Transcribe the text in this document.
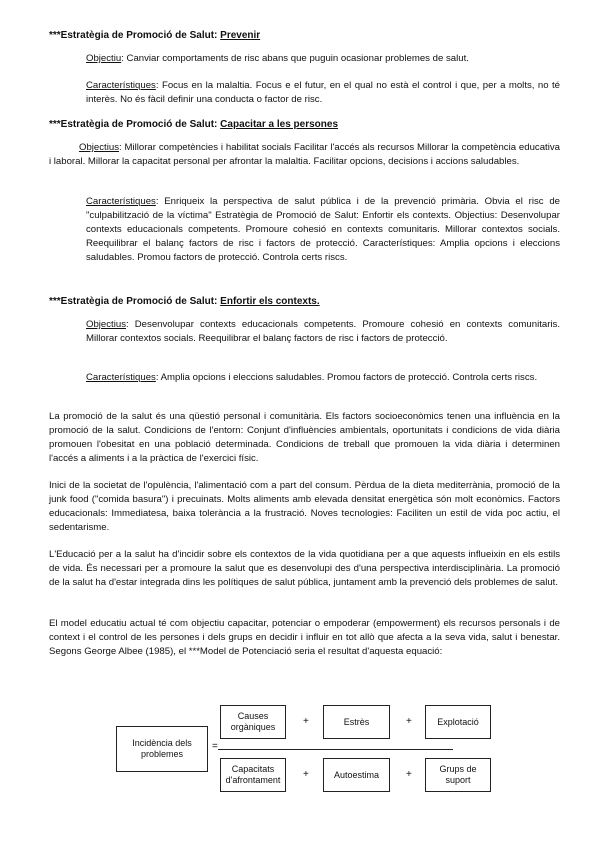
***Estratègia de Promoció de Salut: Prevenir
Objectiu: Canviar comportaments de risc abans que puguin ocasionar problemes de salut.
Característiques: Focus en la malaltia. Focus e el futur, en el qual no està el control i que, per a molts, no té interès. No és fàcil definir una conducta o factor de risc.
***Estratègia de Promoció de Salut: Capacitar a les persones
Objectius: Millorar competències i habilitat socials Facilitar l'accés als recursos Millorar la competència educativa i laboral. Millorar la capacitat personal per afrontar la malaltia. Facilitar opcions, decisions i accions saludables.
Característiques: Enriqueix la perspectiva de salut pública i de la prevenció primària. Obvia el risc de "culpabilització de la víctima" Estratègia de Promoció de Salut: Enfortir els contexts. Objectius: Desenvolupar contexts educacionals competents. Promoure cohesió en contexts comunitaris. Millorar contextos socials. Reequilibrar el balanç factors de risc i factors de protecció. Característiques: Amplia opcions i eleccions saludables. Promou factors de protecció. Controla certs riscs.
***Estratègia de Promoció de Salut: Enfortir els contexts.
Objectius: Desenvolupar contexts educacionals competents. Promoure cohesió en contexts comunitaris. Millorar contextos socials. Reequilibrar el balanç factors de risc i factors de protecció.
Característiques: Amplia opcions i eleccions saludables. Promou factors de protecció. Controla certs riscs.
La promoció de la salut és una qüestió personal i comunitària. Els factors socioeconòmics tenen una influència en la promoció de la salut. Condicions de l'entorn: Conjunt d'influències ambientals, oportunitats i condicions de vida diària promouen l'obesitat en una població determinada. Condicions de treball que promouen la vida diària i determinen l'accés a aliments i a la pràctica de l'exercici físic.
Inici de la societat de l'opulència, l'alimentació com a part del consum. Pèrdua de la dieta mediterrània, promoció de la junk food ("comida basura") i precuinats. Molts aliments amb elevada densitat energètica són molt econòmics. Factors educacionals: Immediatesa, baixa tolerància a la frustració. Noves tecnologies: Faciliten un estil de vida poc actiu, el sedentarisme.
L'Educació per a la salut ha d'incidir sobre els contextos de la vida quotidiana per a que aquests influeixin en els estils de vida. És necessari per a promoure la salut que es desenvolupi des d'una perspectiva interdisciplinària. La promoció de la salut ha d'estar integrada dins les polítiques de salut pública, juntament amb la prevenció dels problemes de salut.
El model educatiu actual té com objectiu capacitar, potenciar o empoderar (empowerment) els recursos personals i de context i el control de les persones i dels grups en decidir i influir en tot allò que afecta a la seva vida, salut i benestar. Segons George Albee (1985), el ***Model de Potenciació seria el resultat d'aquesta equació:
Incidència dels problemes
=
Causes orgàniques	+	Estrès	+	Explotació
Capacitats d'afrontament	+	Autoestima	+	Grups de suport
